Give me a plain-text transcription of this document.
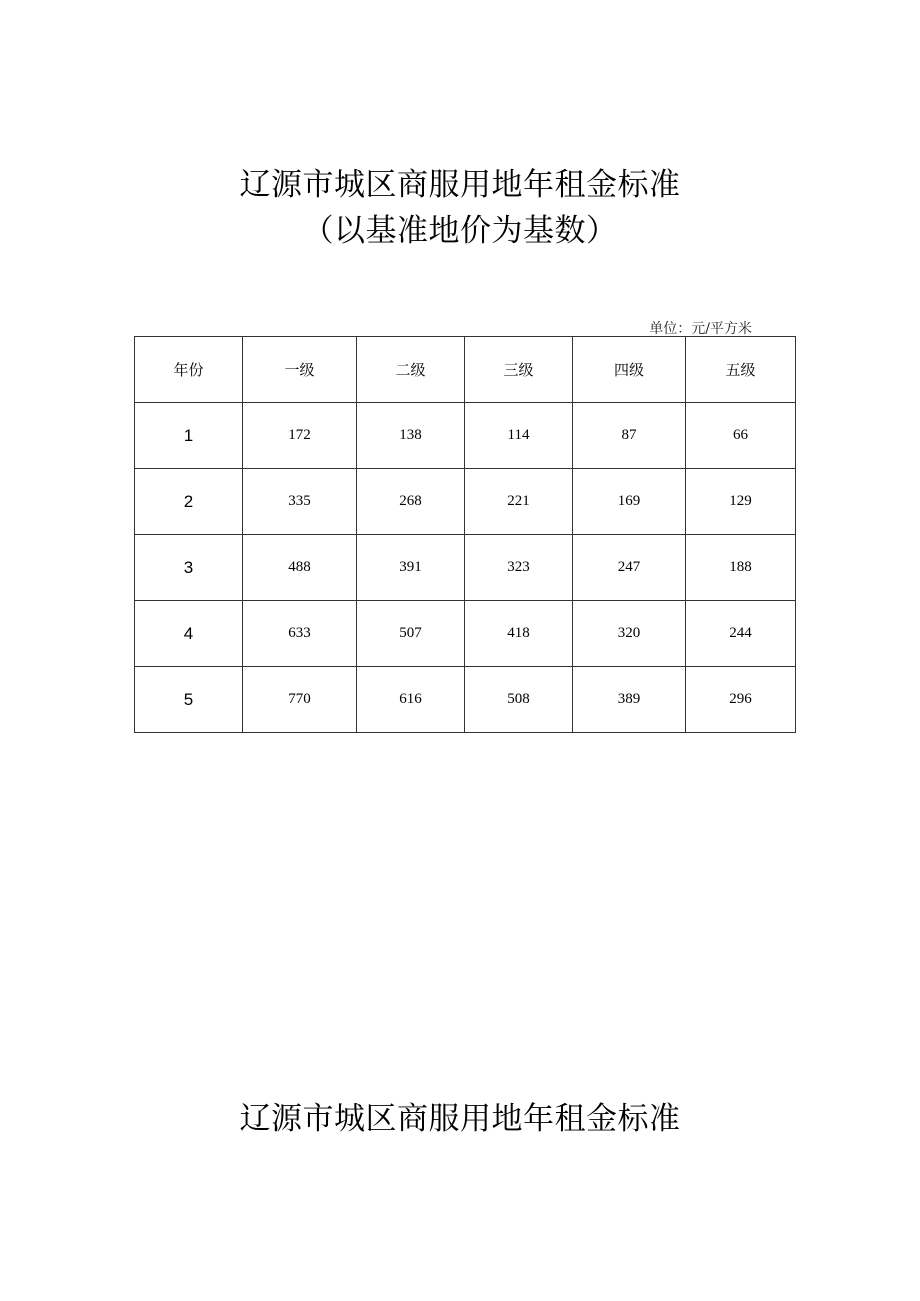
辽源市城区商服用地年租金标准
（以基准地价为基数）
单位：元/平方米
年份	一级	二级	三级	四级	五级
1	172	138	114	87	66
2	335	268	221	169	129
3	488	391	323	247	188
4	633	507	418	320	244
5	770	616	508	389	296
辽源市城区商服用地年租金标准
